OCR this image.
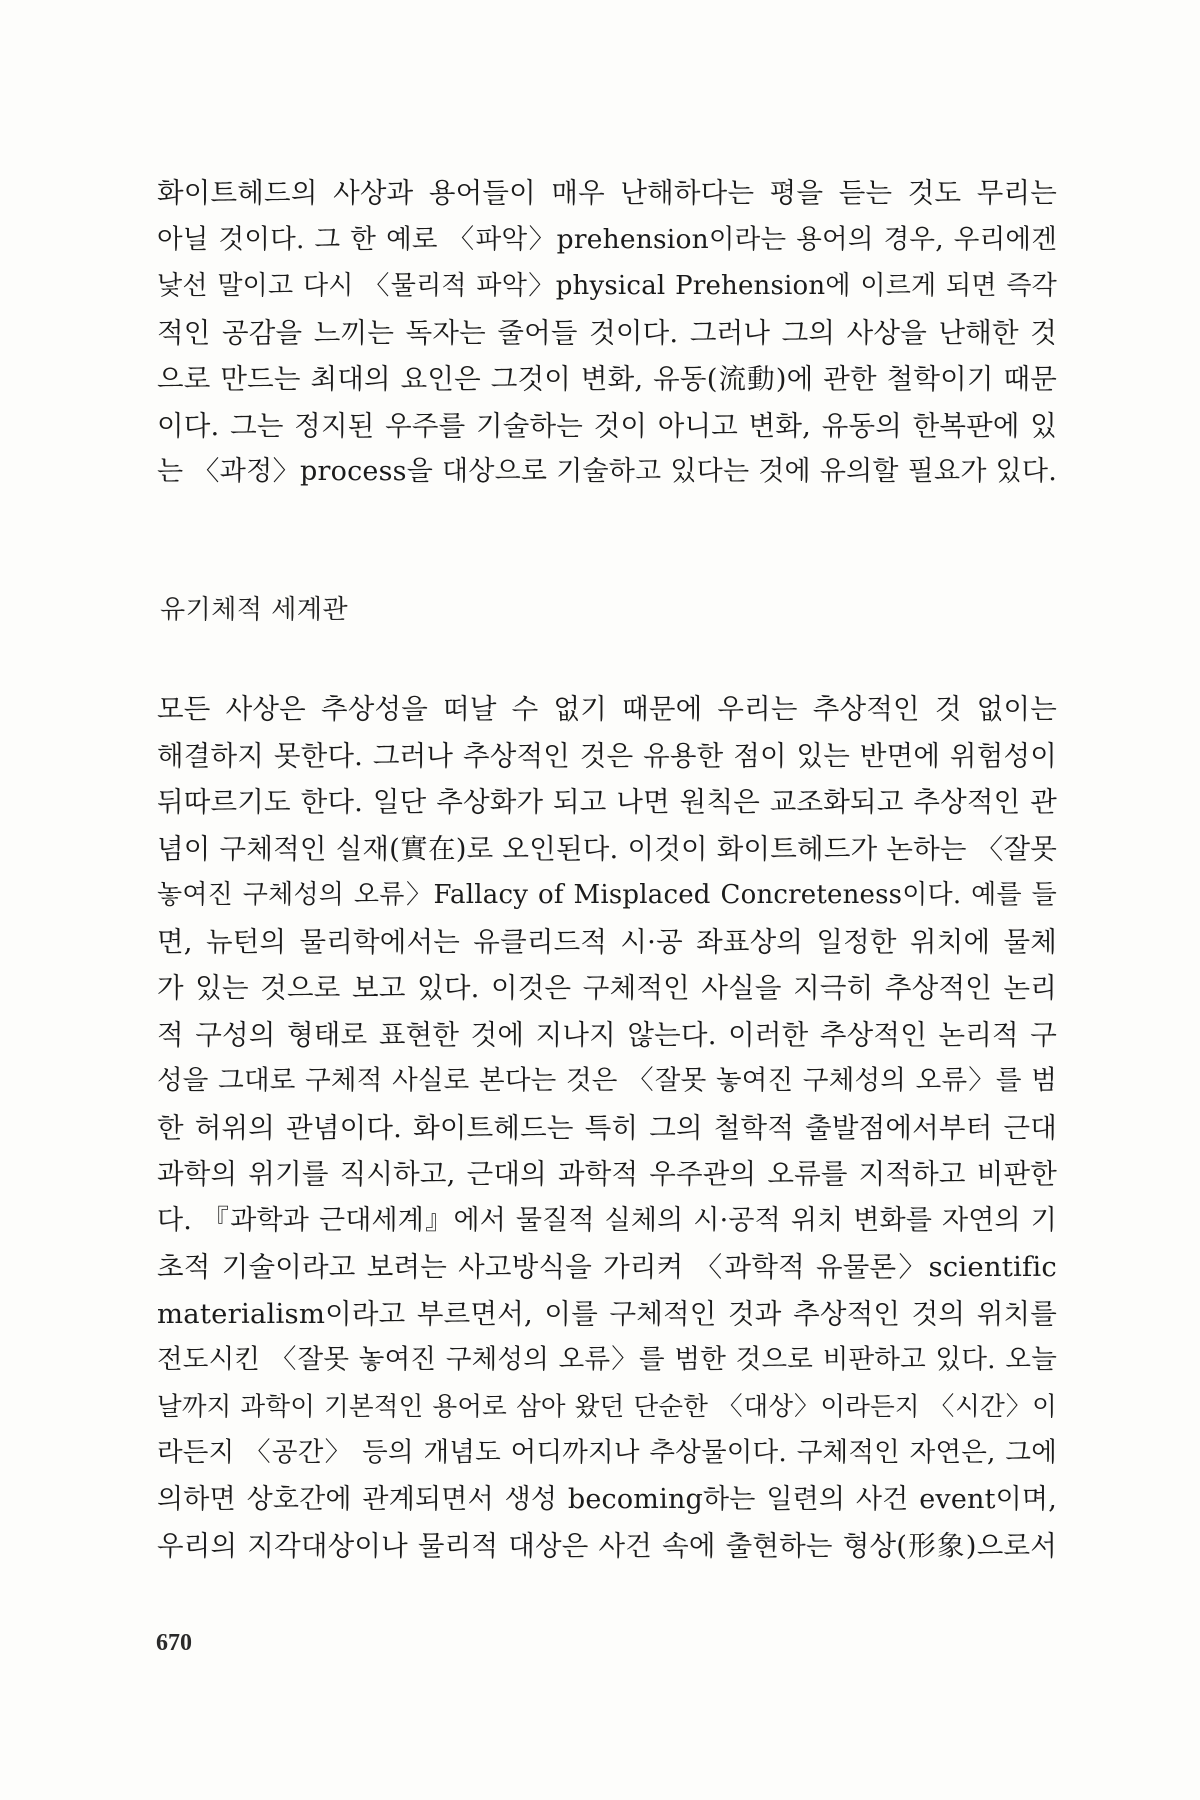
화이트헤드의 사상과 용어들이 매우 난해하다는 평을 듣는 것도 무리는
아닐 것이다. 그 한 예로 〈파악〉prehension이라는 용어의 경우, 우리에겐
낯선 말이고 다시 〈물리적 파악〉physical Prehension에 이르게 되면 즉각
적인 공감을 느끼는 독자는 줄어들 것이다. 그러나 그의 사상을 난해한 것
으로 만드는 최대의 요인은 그것이 변화, 유동(流動)에 관한 철학이기 때문
이다. 그는 정지된 우주를 기술하는 것이 아니고 변화, 유동의 한복판에 있
는 〈과정〉process을 대상으로 기술하고 있다는 것에 유의할 필요가 있다.
유기체적 세계관
모든 사상은 추상성을 떠날 수 없기 때문에 우리는 추상적인 것 없이는
해결하지 못한다. 그러나 추상적인 것은 유용한 점이 있는 반면에 위험성이
뒤따르기도 한다. 일단 추상화가 되고 나면 원칙은 교조화되고 추상적인 관
념이 구체적인 실재(實在)로 오인된다. 이것이 화이트헤드가 논하는 〈잘못
놓여진 구체성의 오류〉Fallacy of Misplaced Concreteness이다. 예를 들
면, 뉴턴의 물리학에서는 유클리드적 시·공 좌표상의 일정한 위치에 물체
가 있는 것으로 보고 있다. 이것은 구체적인 사실을 지극히 추상적인 논리
적 구성의 형태로 표현한 것에 지나지 않는다. 이러한 추상적인 논리적 구
성을 그대로 구체적 사실로 본다는 것은 〈잘못 놓여진 구체성의 오류〉를 범
한 허위의 관념이다. 화이트헤드는 특히 그의 철학적 출발점에서부터 근대
과학의 위기를 직시하고, 근대의 과학적 우주관의 오류를 지적하고 비판한
다. 『과학과 근대세계』에서 물질적 실체의 시·공적 위치 변화를 자연의 기
초적 기술이라고 보려는 사고방식을 가리켜 〈과학적 유물론〉scientific
materialism이라고 부르면서, 이를 구체적인 것과 추상적인 것의 위치를
전도시킨 〈잘못 놓여진 구체성의 오류〉를 범한 것으로 비판하고 있다. 오늘
날까지 과학이 기본적인 용어로 삼아 왔던 단순한 〈대상〉이라든지 〈시간〉이
라든지 〈공간〉 등의 개념도 어디까지나 추상물이다. 구체적인 자연은, 그에
의하면 상호간에 관계되면서 생성 becoming하는 일련의 사건 event이며,
우리의 지각대상이나 물리적 대상은 사건 속에 출현하는 형상(形象)으로서
670
